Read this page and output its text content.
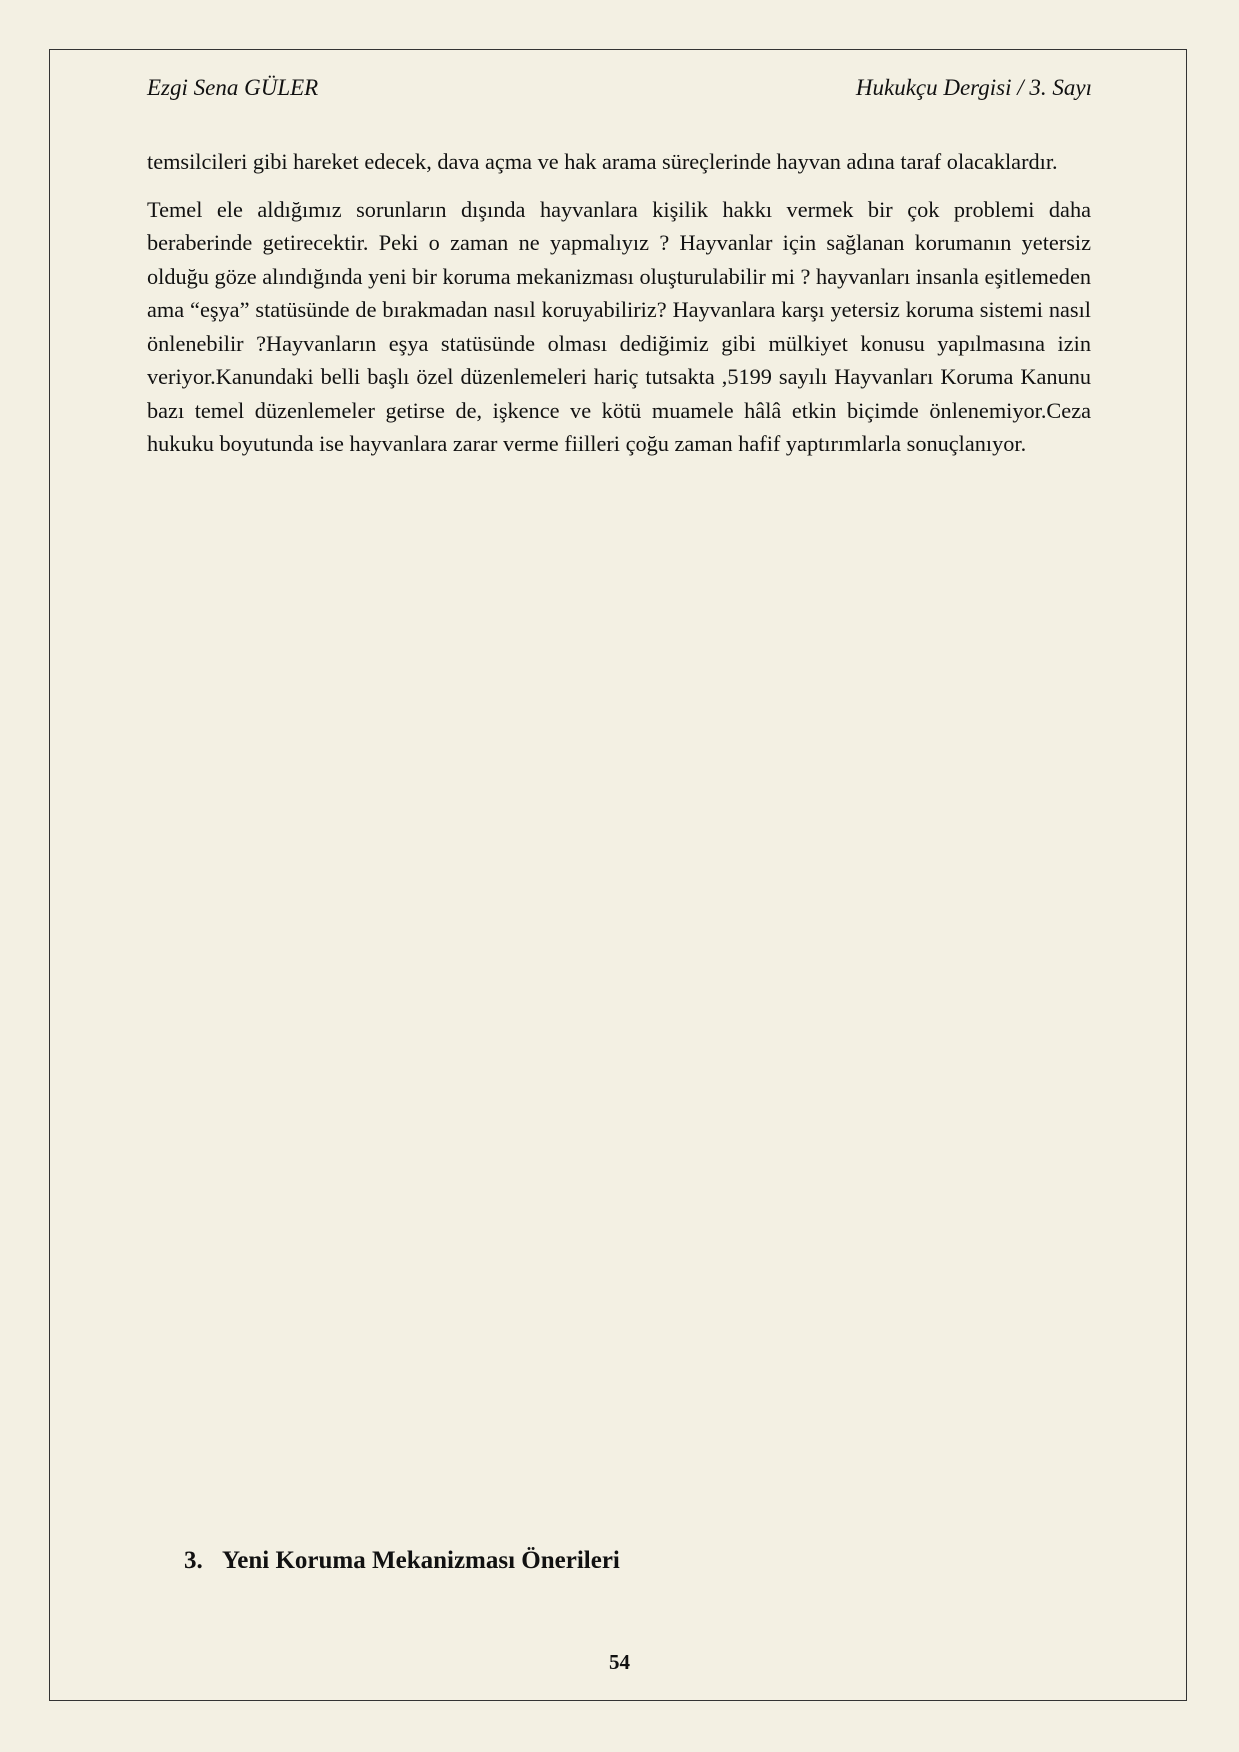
Ezgi Sena GÜLER	Hukukçu Dergisi / 3. Sayı

temsilcileri gibi hareket edecek, dava açma ve hak arama süreçlerinde hayvan adına taraf olacaklardır.

Temel ele aldığımız sorunların dışında hayvanlara kişilik hakkı vermek bir çok problemi daha beraberinde getirecektir. Peki o zaman ne yapmalıyız ? Hayvanlar için sağlanan korumanın yetersiz olduğu göze alındığında yeni bir koruma mekanizması oluşturulabilir mi ? hayvanları insanla eşitlemeden ama “eşya” statüsünde de bırakmadan nasıl koruyabiliriz? Hayvanlara karşı yetersiz koruma sistemi nasıl önlenebilir ?Hayvanların eşya statüsünde olması dediğimiz gibi mülkiyet konusu yapılmasına izin veriyor.Kanundaki belli başlı özel düzenlemeleri hariç tutsakta ,5199 sayılı Hayvanları Koruma Kanunu bazı temel düzenlemeler getirse de, işkence ve kötü muamele hâlâ etkin biçimde önlenemiyor.Ceza hukuku boyutunda ise hayvanlara zarar verme fiilleri çoğu zaman hafif yaptırımlarla sonuçlanıyor.

3. Yeni Koruma Mekanizması Önerileri
54
